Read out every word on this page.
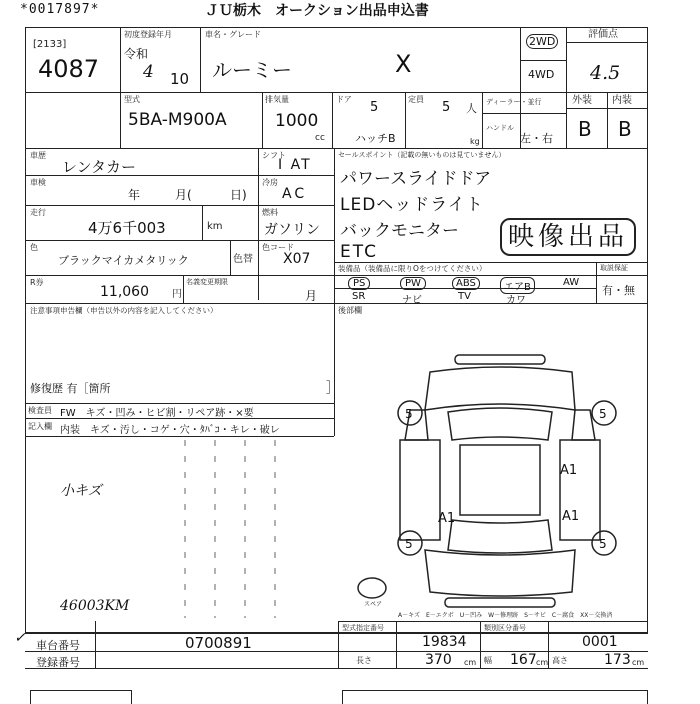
*0017897*	ＪＵ栃木　オークション出品申込書
[2133]
4087
初度登録年月
令和
4 10
車名・グレード
ルーミー	X
2WD
4WD
評価点
4.5
型式
5BA-M900A
排気量
1000
cc
ドア
5
ハッチB
定員
5 人
kg
ディーラー・並行
ハンドル
左・右
外装 内装
B B
車歴
レンタカー
シフト
I AT
車検
年	月(	日)
冷房
AC
走行
4万6千003	km
燃料
ガソリン
色
ブラックマイカメタリック	色替
色コード
X07
R券
11,060 円
名義変更期限
月
セールスポイント（記載の無いものは見ていません）
パワースライドドア
LEDヘッドライト
バックモニター
ETC	映像出品
装備品（装備品に限りOをつけてください）	取説保証
有・無
PS	PW	ABS	エアB	AW
SR	ナビ	TV	カワ
後部欄
注意事項申告欄（申告以外の内容を記入してください）
修復歴 有［箇所	］
検査員
記入欄
FW　キズ・凹み・ヒビ割・リペア跡・×要
内装　キズ・汚し・コゲ・穴・ﾀﾊﾞｺ・キレ・破レ
小キズ
46003KM
✓
5	5
5	5
A1
A1	A1
スペア
A－キズ　E－エクボ　U－凹み　W－修理跡　S－サビ　C－腐食　XX－交換済
車台番号	0700891
登録番号
型式指定番号
19834
類別区分番号
0001
長さ	370 cm 幅 167 cm 高さ	173 cm
